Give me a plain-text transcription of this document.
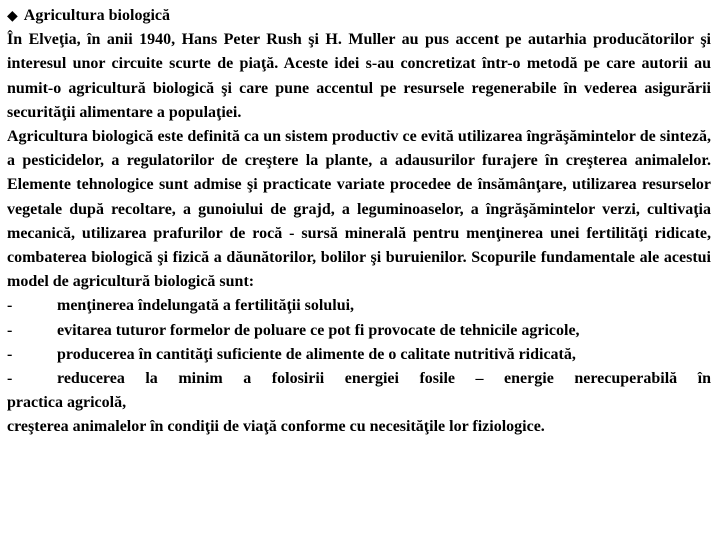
◆ Agricultura biologică

În Elveţia, în anii 1940, Hans Peter Rush şi H. Muller au pus accent pe autarhia producătorilor şi interesul unor circuite scurte de piaţă. Aceste idei s-au concretizat într-o metodă pe care autorii au numit-o agricultură biologică şi care pune accentul pe resursele regenerabile în vederea asigurării securităţii alimentare a populaţiei.

Agricultura biologică este definită ca un sistem productiv ce evită utilizarea îngrăşămintelor de sinteză, a pesticidelor, a regulatorilor de creştere la plante, a adausurilor furajere în creşterea animalelor. Elemente tehnologice sunt admise şi practicate variate procedee de însămânţare, utilizarea resurselor vegetale după recoltare, a gunoiului de grajd, a leguminoaselor, a îngrăşămintelor verzi, cultivaţia mecanică, utilizarea prafurilor de rocă - sursă minerală pentru menţinerea unei fertilităţi ridicate, combaterea biologică şi fizică a dăunătorilor, bolilor şi buruienilor. Scopurile fundamentale ale acestui model de agricultură biologică sunt:

-	menţinerea îndelungată a fertilităţii solului,
-	evitarea tuturor formelor de poluare ce pot fi provocate de tehnicile agricole,
-	producerea în cantităţi suficiente de alimente de o calitate nutritivă ridicată,
-	reducerea la minim a folosirii energiei fosile – energie nerecuperabilă în

practica agricolă,

creşterea animalelor în condiţii de viaţă conforme cu necesităţile lor fiziologice.
